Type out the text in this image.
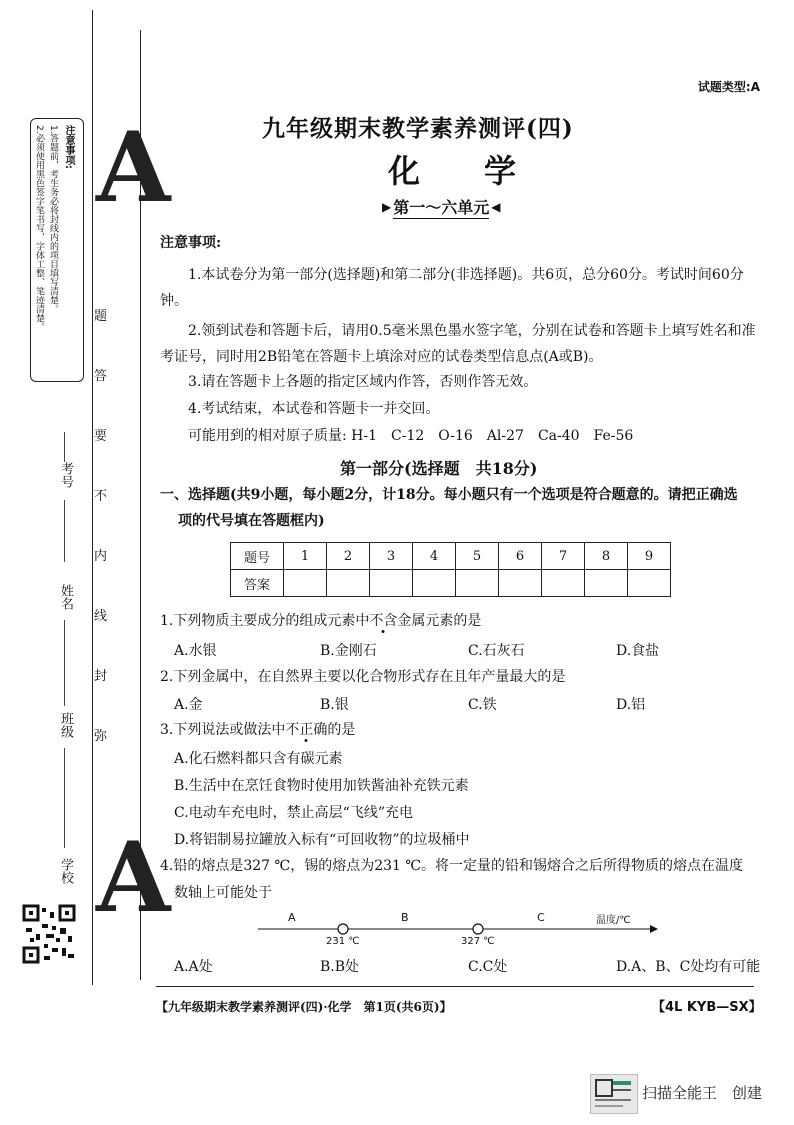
注意事项:
1.答题前，考生务必将封线内的项目填写清楚。
2.必须使用黑色签字笔书写，字体工整、笔迹清楚。 A
A
题
答
要
不
内
线
封
弥
考号
姓名
班级
学校
试题类型:A
九年级期末教学素养测评(四)
化　　学
▶ 第一～六单元 ◀
注意事项:
1.本试卷分为第一部分(选择题)和第二部分(非选择题)。共6页，总分60分。考试时间60分钟。
2.领到试卷和答题卡后，请用0.5毫米黑色墨水签字笔，分别在试卷和答题卡上填写姓名和准考证号，同时用2B铅笔在答题卡上填涂对应的试卷类型信息点(A或B)。
3.请在答题卡上各题的指定区域内作答，否则作答无效。
4.考试结束，本试卷和答题卡一并交回。
可能用到的相对原子质量: H-1　C-12　O-16　Al-27　Ca-40　Fe-56
第一部分(选择题　共18分)
一、选择题(共9小题，每小题2分，计18分。每小题只有一个选项是符合题意的。请把正确选
项的代号填在答题框内)
题号	1	2	3	4	5	6	7	8	9
答案									
1.下列物质主要成分的组成元素中不含金属元素的是
A.水银	B.金刚石	C.石灰石	D.食盐
2.下列金属中，在自然界主要以化合物形式存在且年产量最大的是
A.金	B.银	C.铁	D.铝
3.下列说法或做法中不正确的是
A.化石燃料都只含有碳元素
B.生活中在烹饪食物时使用加铁酱油补充铁元素
C.电动车充电时，禁止高层“飞线”充电
D.将铝制易拉罐放入标有“可回收物”的垃圾桶中
4.铅的熔点是327 ℃，锡的熔点为231 ℃。将一定量的铅和锡熔合之后所得物质的熔点在温度
数轴上可能处于
A	B	C
231 ℃	327 ℃
温度/℃
A.A处	B.B处	C.C处	D.A、B、C处均有可能
【九年级期末教学素养测评(四)·化学　第1页(共6页)】	【4L KYB—SX】
扫描全能王　创建
